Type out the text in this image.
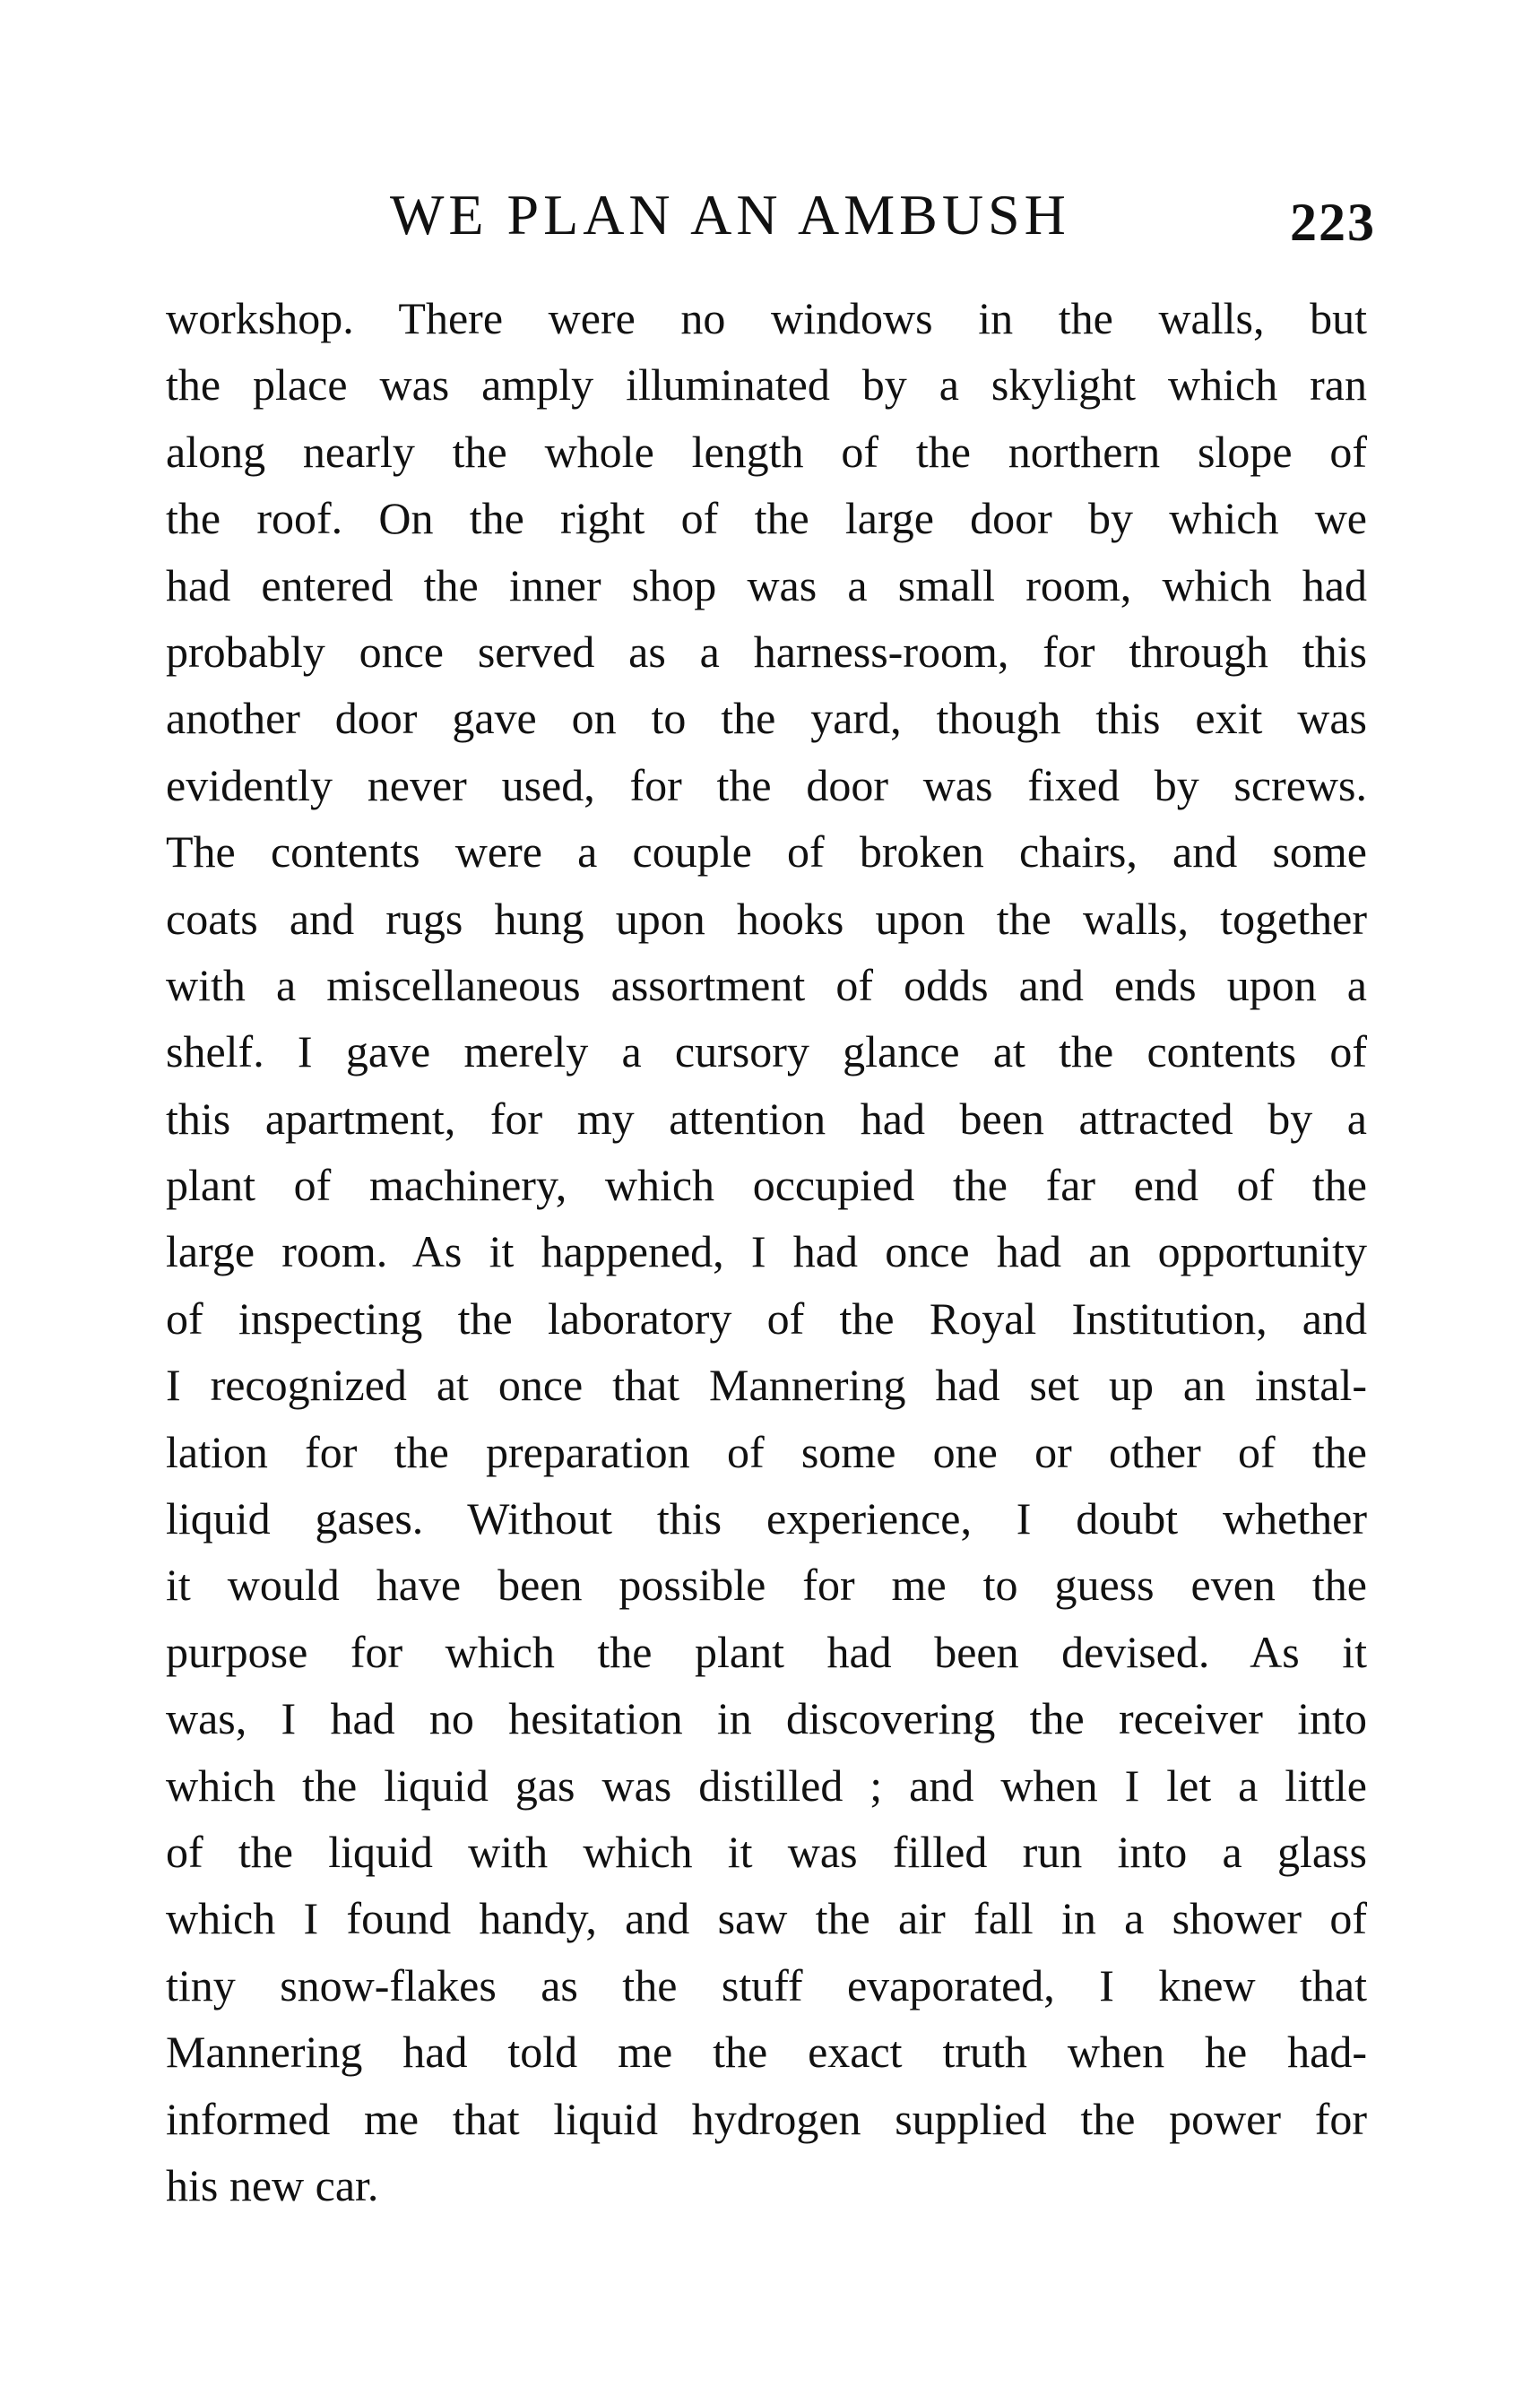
WE PLAN AN AMBUSH	223
workshop. There were no windows in the walls, but
the place was amply illuminated by a skylight which ran
along nearly the whole length of the northern slope of
the roof. On the right of the large door by which we
had entered the inner shop was a small room, which had
probably once served as a harness-room, for through this
another door gave on to the yard, though this exit was
evidently never used, for the door was fixed by screws.
The contents were a couple of broken chairs, and some
coats and rugs hung upon hooks upon the walls, together
with a miscellaneous assortment of odds and ends upon a
shelf. I gave merely a cursory glance at the contents of
this apartment, for my attention had been attracted by a
plant of machinery, which occupied the far end of the
large room. As it happened, I had once had an opportunity
of inspecting the laboratory of the Royal Institution, and
I recognized at once that Mannering had set up an instal-
lation for the preparation of some one or other of the
liquid gases. Without this experience, I doubt whether
it would have been possible for me to guess even the
purpose for which the plant had been devised. As it
was, I had no hesitation in discovering the receiver into
which the liquid gas was distilled ; and when I let a little
of the liquid with which it was filled run into a glass
which I found handy, and saw the air fall in a shower of
tiny snow-flakes as the stuff evaporated, I knew that
Mannering had told me the exact truth when he had-
informed me that liquid hydrogen supplied the power for
his new car.
